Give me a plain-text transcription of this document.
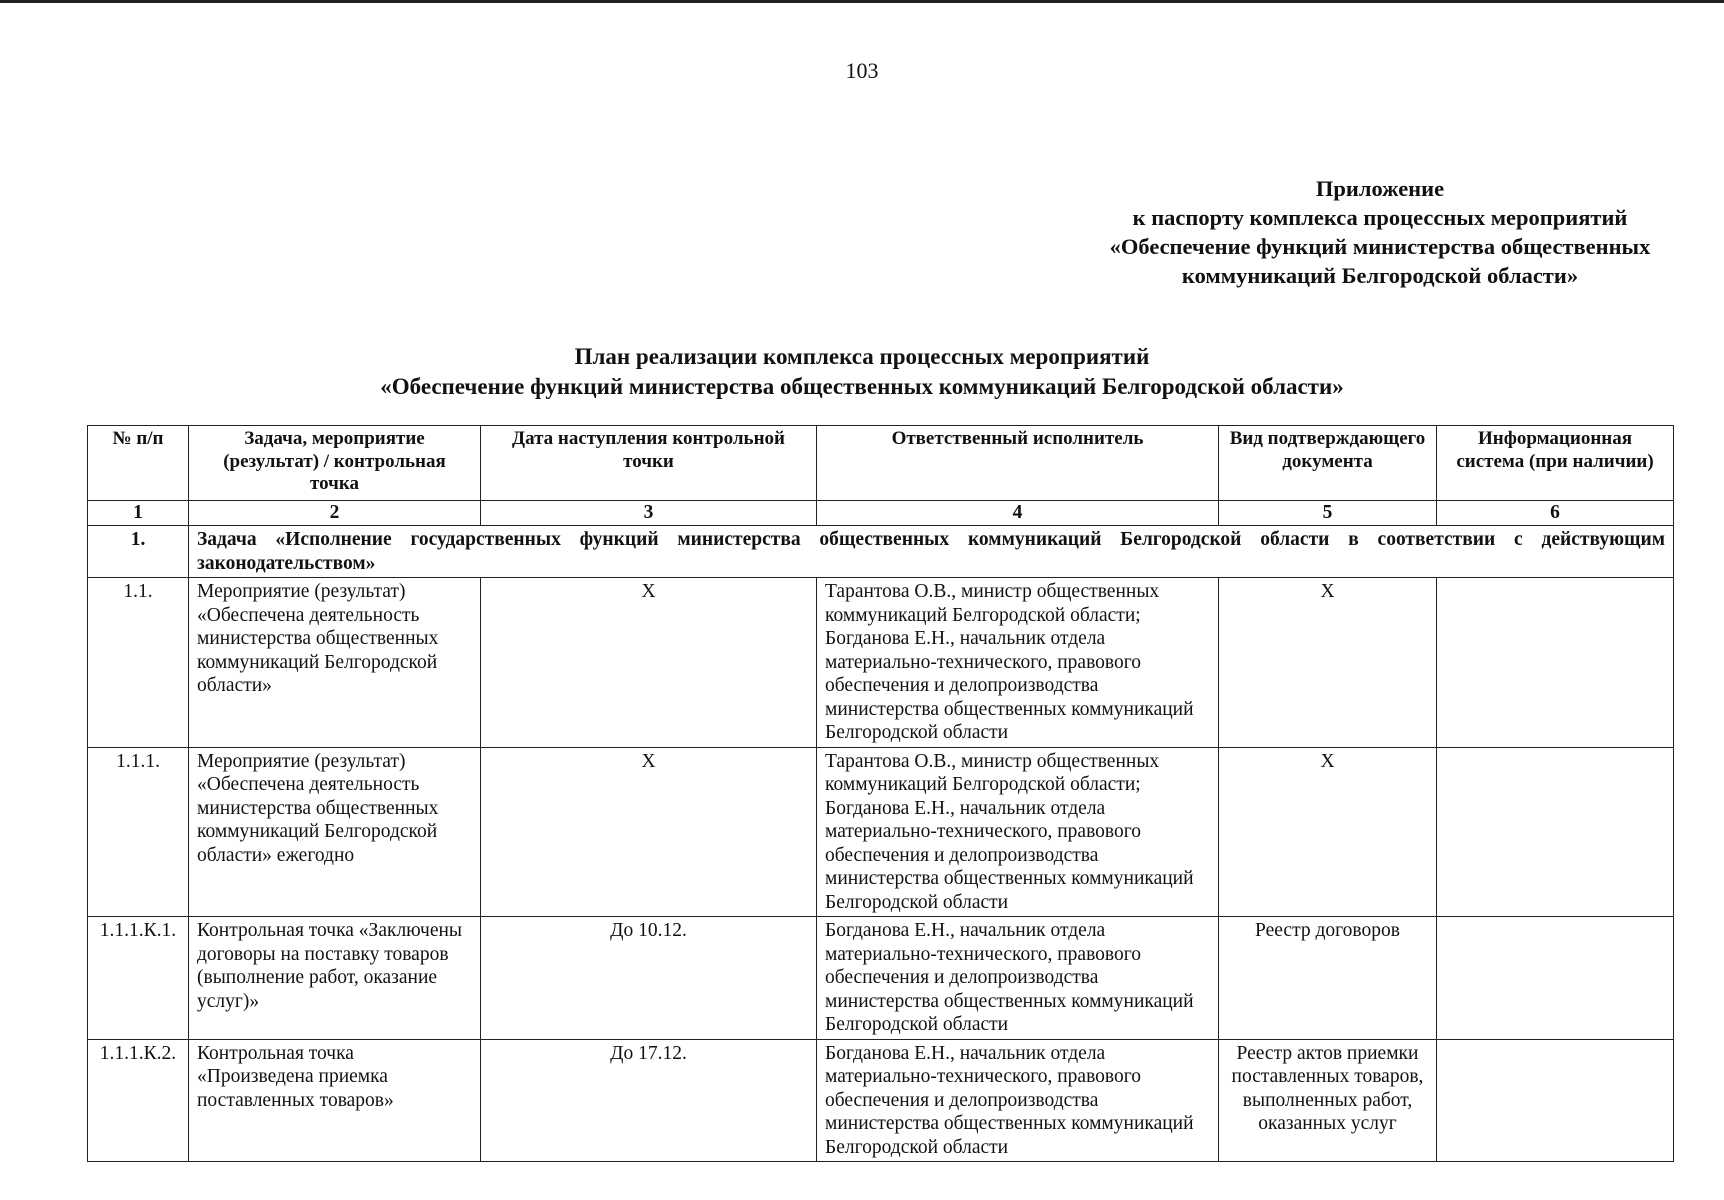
103
Приложение
к паспорту комплекса процессных мероприятий
«Обеспечение функций министерства общественных
коммуникаций Белгородской области»
План реализации комплекса процессных мероприятий
«Обеспечение функций министерства общественных коммуникаций Белгородской области»
№ п/п	Задача, мероприятие (результат) / контрольная точка	Дата наступления контрольной точки	Ответственный исполнитель	Вид подтверждающего документа	Информационная система (при наличии)
1	2	3	4	5	6
1.	Задача «Исполнение государственных функций министерства общественных коммуникаций Белгородской области в соответствии с действующим законодательством»				
1.1.	Мероприятие (результат) «Обеспечена деятельность министерства общественных коммуникаций Белгородской области»	X	Тарантова О.В., министр общественных коммуникаций Белгородской области; Богданова Е.Н., начальник отдела материально-технического, правового обеспечения и делопроизводства министерства общественных коммуникаций Белгородской области	X	
1.1.1.	Мероприятие (результат) «Обеспечена деятельность министерства общественных коммуникаций Белгородской области» ежегодно	X	Тарантова О.В., министр общественных коммуникаций Белгородской области; Богданова Е.Н., начальник отдела материально-технического, правового обеспечения и делопроизводства министерства общественных коммуникаций Белгородской области	X	
1.1.1.К.1.	Контрольная точка «Заключены договоры на поставку товаров (выполнение работ, оказание услуг)»	До 10.12.	Богданова Е.Н., начальник отдела материально-технического, правового обеспечения и делопроизводства министерства общественных коммуникаций Белгородской области	Реестр договоров	
1.1.1.К.2.	Контрольная точка «Произведена приемка поставленных товаров»	До 17.12.	Богданова Е.Н., начальник отдела материально-технического, правового обеспечения и делопроизводства министерства общественных коммуникаций Белгородской области	Реестр актов приемки поставленных товаров, выполненных работ, оказанных услуг	
